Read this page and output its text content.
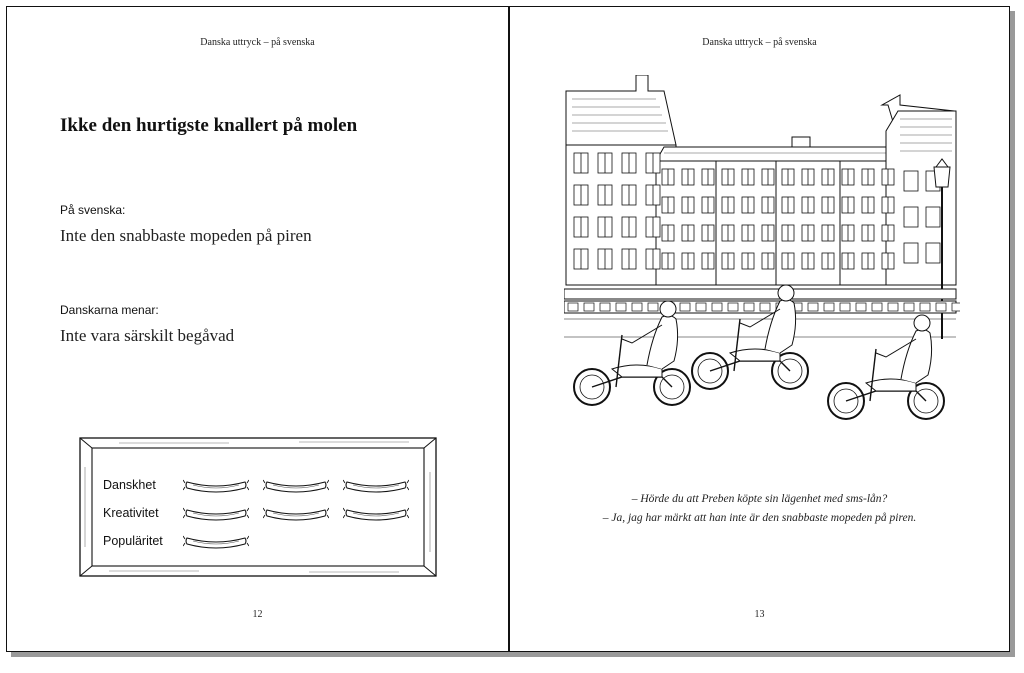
Danska uttryck – på svenska
Ikke den hurtigste knallert på molen
På svenska:
Inte den snabbaste mopeden på piren
Danskarna menar:
Inte vara särskilt begåvad
Danskhet
Kreativitet
Populäritet
12
Danska uttryck – på svenska
– Hörde du att Preben köpte sin lägenhet med sms-lån?
– Ja, jag har märkt att han inte är den snabbaste mopeden på piren.
13
